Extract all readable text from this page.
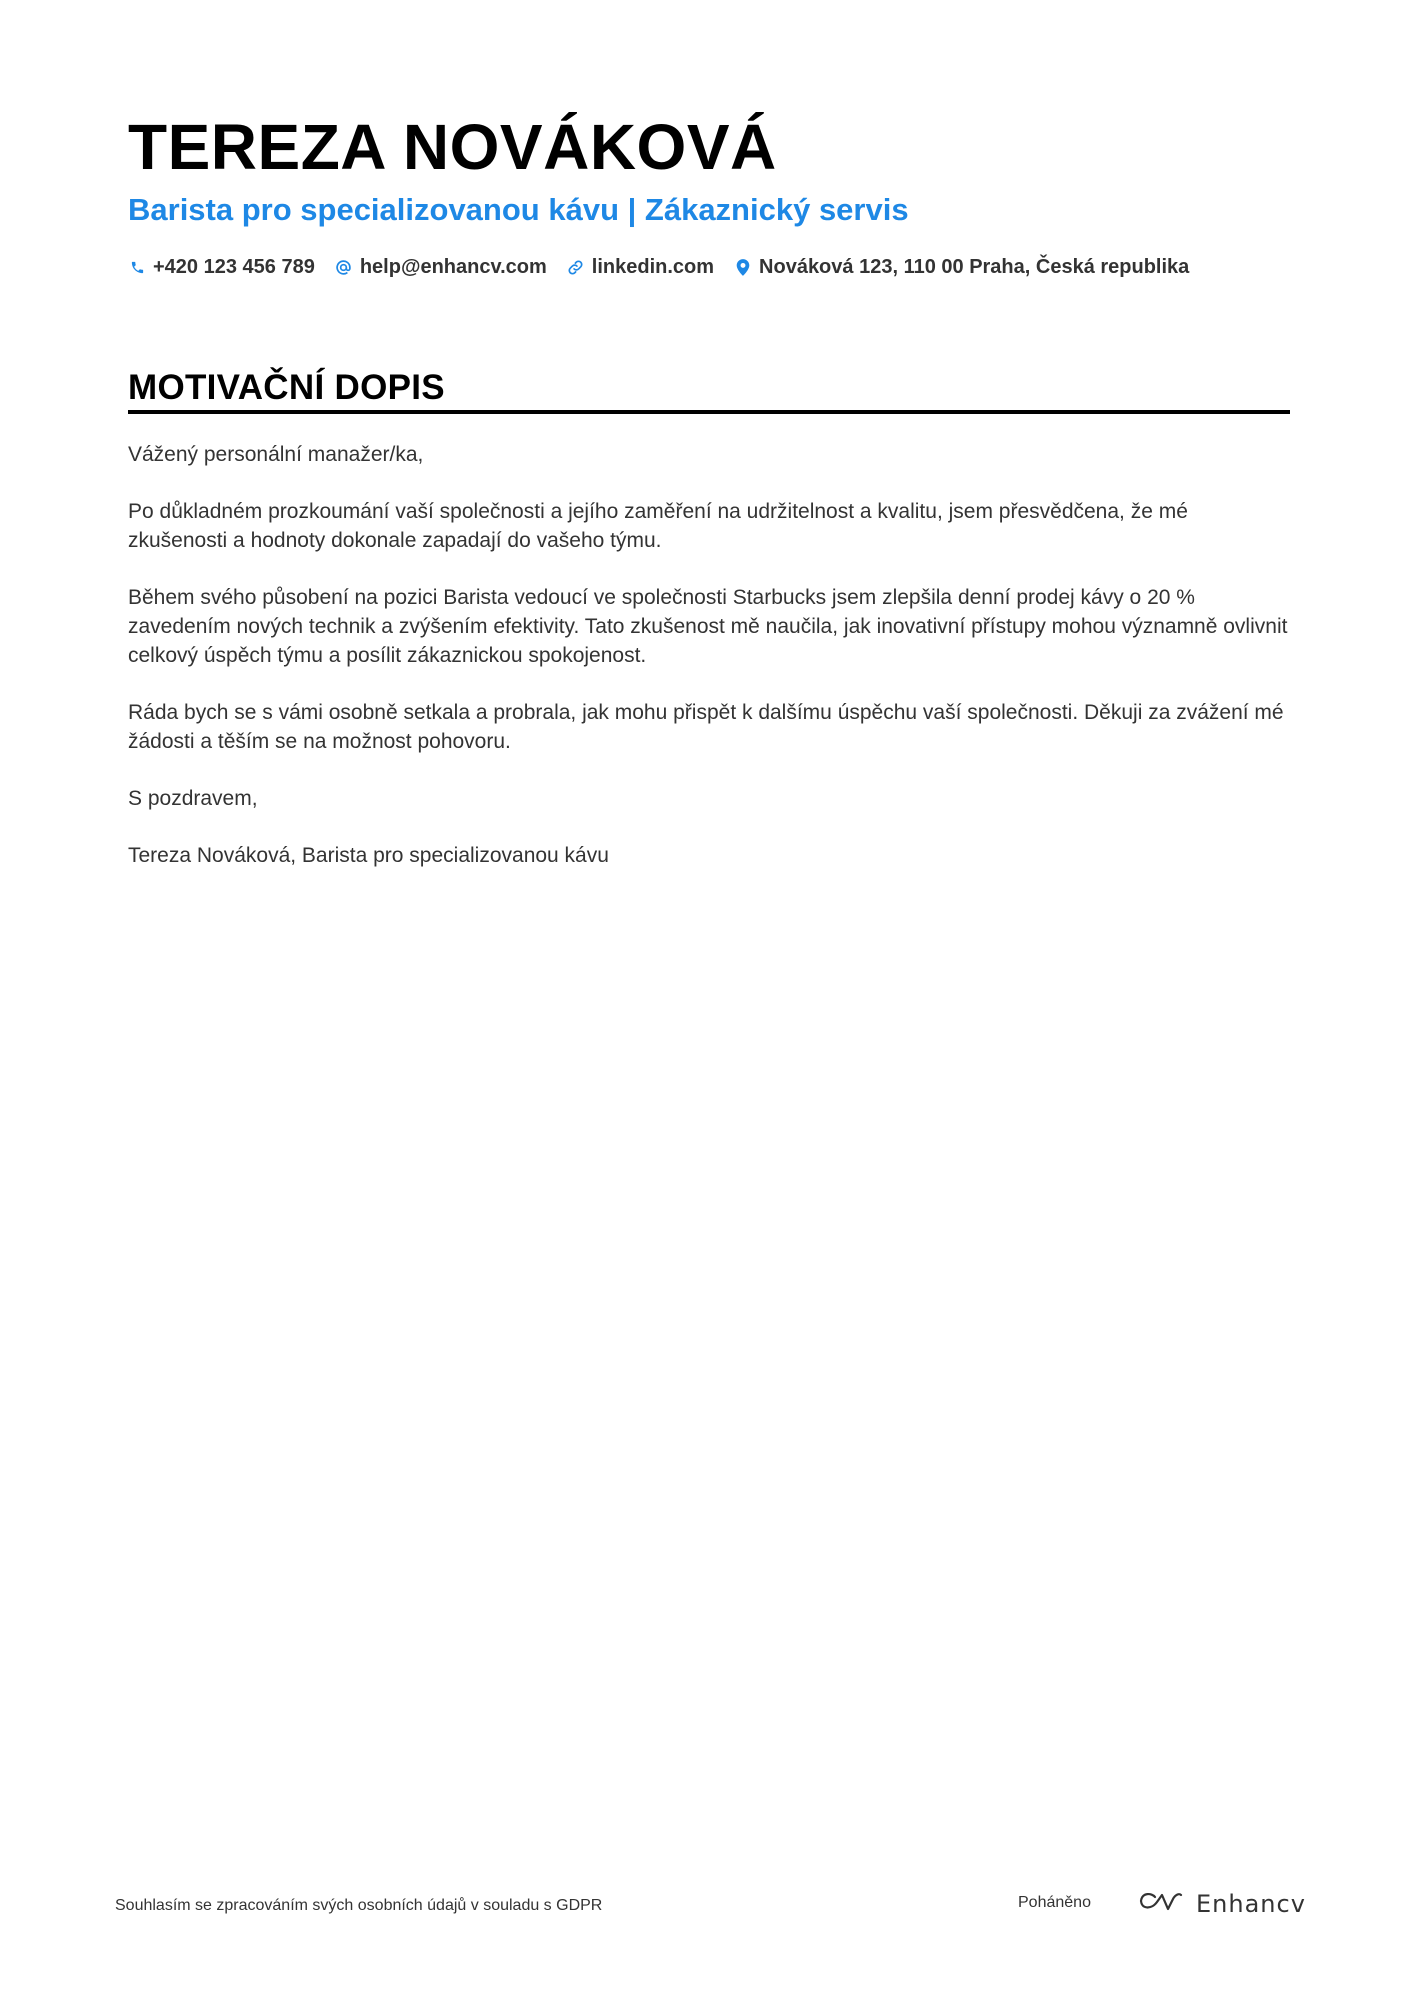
TEREZA NOVÁKOVÁ
Barista pro specializovanou kávu | Zákaznický servis
+420 123 456 789 help@enhancv.com linkedin.com Nováková 123, 110 00 Praha, Česká republika
MOTIVAČNÍ DOPIS

Vážený personální manažer/ka,

Po důkladném prozkoumání vaší společnosti a jejího zaměření na udržitelnost a kvalitu, jsem přesvědčena, že mé zkušenosti a hodnoty dokonale zapadají do vašeho týmu.

Během svého působení na pozici Barista vedoucí ve společnosti Starbucks jsem zlepšila denní prodej kávy o 20 % zavedením nových technik a zvýšením efektivity. Tato zkušenost mě naučila, jak inovativní přístupy mohou významně ovlivnit celkový úspěch týmu a posílit zákaznickou spokojenost.

Ráda bych se s vámi osobně setkala a probrala, jak mohu přispět k dalšímu úspěchu vaší společnosti. Děkuji za zvážení mé žádosti a těším se na možnost pohovoru.

S pozdravem,

Tereza Nováková, Barista pro specializovanou kávu

Souhlasím se zpracováním svých osobních údajů v souladu s GDPR	Poháněno	Enhancv
